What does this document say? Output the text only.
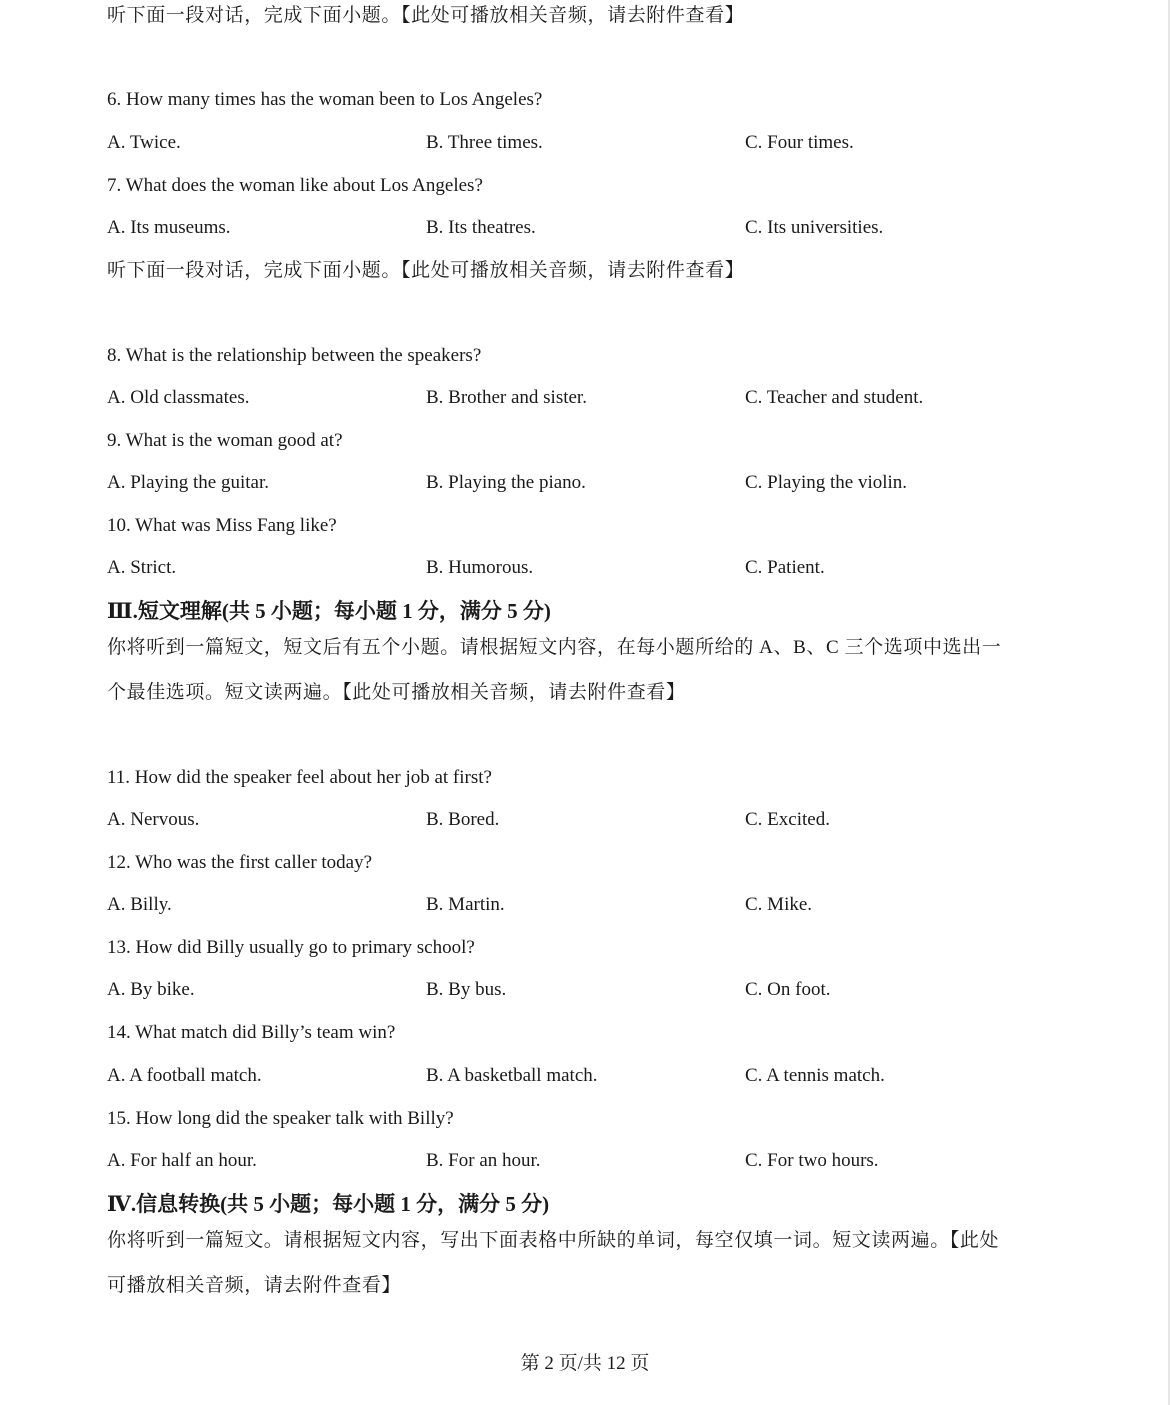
听下面一段对话，完成下面小题。【此处可播放相关音频，请去附件查看】
6. How many times has the woman been to Los Angeles?
A. Twice.	B. Three times.	C. Four times.
7. What does the woman like about Los Angeles?
A. Its museums.	B. Its theatres.	C. Its universities.
听下面一段对话，完成下面小题。【此处可播放相关音频，请去附件查看】
8. What is the relationship between the speakers?
A. Old classmates.	B. Brother and sister.	C. Teacher and student.
9. What is the woman good at?
A. Playing the guitar.	B. Playing the piano.	C. Playing the violin.
10. What was Miss Fang like?
A. Strict.	B. Humorous.	C. Patient.
Ⅲ.短文理解(共 5 小题；每小题 1 分，满分 5 分)
你将听到一篇短文，短文后有五个小题。请根据短文内容，在每小题所给的 A、B、C 三个选项中选出一
个最佳选项。短文读两遍。【此处可播放相关音频，请去附件查看】
11. How did the speaker feel about her job at first?
A. Nervous.	B. Bored.	C. Excited.
12. Who was the first caller today?
A. Billy.	B. Martin.	C. Mike.
13. How did Billy usually go to primary school?
A. By bike.	B. By bus.	C. On foot.
14. What match did Billy’s team win?
A. A football match.	B. A basketball match.	C. A tennis match.
15. How long did the speaker talk with Billy?
A. For half an hour.	B. For an hour.	C. For two hours.
Ⅳ.信息转换(共 5 小题；每小题 1 分，满分 5 分)
你将听到一篇短文。请根据短文内容，写出下面表格中所缺的单词，每空仅填一词。短文读两遍。【此处
可播放相关音频，请去附件查看】
第 2 页/共 12 页
